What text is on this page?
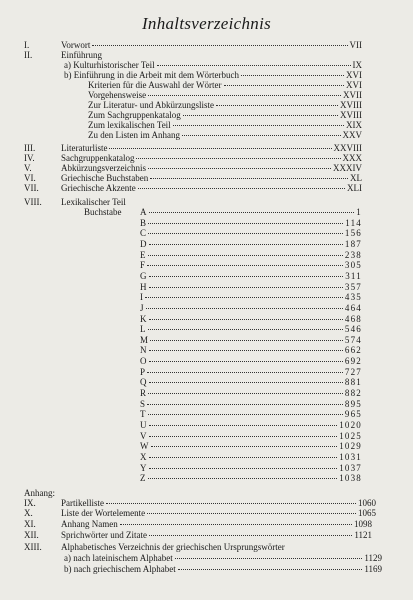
Inhaltsverzeichnis
I.	Vorwort	VII
II.	Einführung
a) Kulturhistorischer Teil	IX
b) Einführung in die Arbeit mit dem Wörterbuch	XVI
Kriterien für die Auswahl der Wörter	XVI
Vorgehensweise	XVII
Zur Literatur- und Abkürzungsliste	XVIII
Zum Sachgruppenkatalog	XVIII
Zum lexikalischen Teil	XIX
Zu den Listen im Anhang	XXV
III.	Literaturliste	XXVIII
IV.	Sachgruppenkatalog	XXX
V.	Abkürzungsverzeichnis	XXXIV
VI.	Griechische Buchstaben	XL
VII. Griechische Akzente	XLI
VIII. Lexikalischer Teil
Buchstabe A	1
B	114
C	156
D	187
E	238
F	305
G	311
H	357
I	435
J	464
K	468
L	546
M	574
N	662
O	692
P	727
Q	881
R	882
S	895
T	965
U	1020
V	1025
W	1029
X	1031
Y	1037
Z	1038
Anhang:
IX.	Partikelliste	1060
X.	Liste der Wortelemente	1065
XI.	Anhang Namen	1098
XII. Sprichwörter und Zitate	1121
XIII. Alphabetisches Verzeichnis der griechischen Ursprungswörter
a) nach lateinischem Alphabet	1129
b) nach griechischem Alphabet	1169
